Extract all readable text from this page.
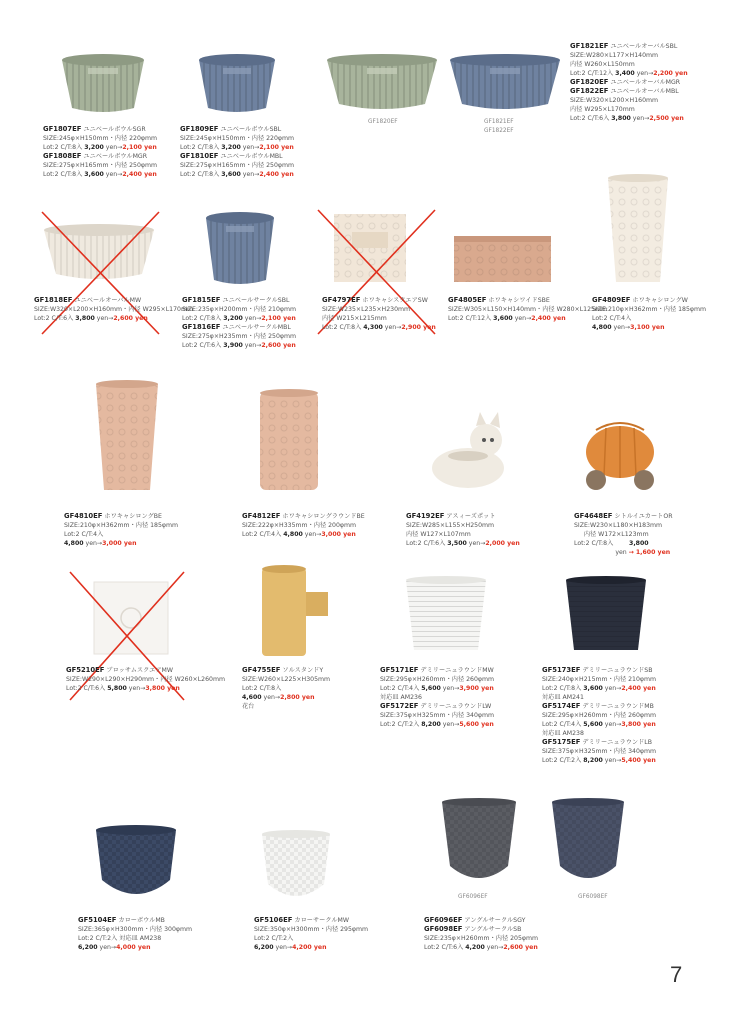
GF1820EF	GF1821EF
GF1822EF
GF1807EF ユニベールボウルSGR
SIZE:245φ×H150mm・内径 220φmm
Lot:2 C/T:8入 3,200 yen→2,100 yen
GF1808EF ユニベールボウルMGR
SIZE:275φ×H165mm・内径 250φmm
Lot:2 C/T:8入 3,600 yen→2,400 yen
GF1809EF ユニベールボウルSBL
SIZE:245φ×H150mm・内径 220φmm
Lot:2 C/T:8入 3,200 yen→2,100 yen
GF1810EF ユニベールボウルMBL
SIZE:275φ×H165mm・内径 250φmm
Lot:2 C/T:8入 3,600 yen→2,400 yen
GF1821EF ユニベールオーバルSBL
SIZE:W280×L177×H140mm
内径 W260×L150mm
Lot:2 C/T:12入 3,400 yen→2,200 yen
GF1820EF ユニベールオーバルMGR
GF1822EF ユニベールオーバルMBL
SIZE:W320×L200×H160mm
内径 W295×L170mm
Lot:2 C/T:6入 3,800 yen→2,500 yen
GF1818EF ユニベールオーバルMW
SIZE:W320×L200×H160mm・内径 W295×L170mm
Lot:2 C/T:6入 3,800 yen→2,600 yen
GF1815EF ユニベールサークルSBL
SIZE:235φ×H200mm・内径 210φmm
Lot:2 C/T:8入 3,200 yen→2,100 yen
GF1816EF ユニベールサークルMBL
SIZE:275φ×H235mm・内径 250φmm
Lot:2 C/T:6入 3,900 yen→2,600 yen
GF4797EF ホワキャシスクエアSW
SIZE:W235×L235×H230mm
内径 W215×L215mm
Lot:2 C/T:8入 4,300 yen→2,900 yen
GF4805EF ホワキャシワイドSBE
SIZE:W305×L150×H140mm・内径 W280×L125mm
Lot:2 C/T:12入 3,600 yen→2,400 yen
GF4809EF ホワキャシロングW
SIZE:210φ×H362mm・内径 185φmm
Lot:2 C/T:4入
4,800 yen→3,100 yen
GF4810EF ホワキャシロングBE
SIZE:210φ×H362mm・内径 185φmm
Lot:2 C/T:4入
4,800 yen→3,000 yen
GF4812EF ホワキャシロングラウンドBE
SIZE:222φ×H335mm・内径 200φmm
Lot:2 C/T:4入 4,800 yen→3,000 yen
GF4192EF アスィーズポット
SIZE:W285×L155×H250mm
内径 W127×L107mm
Lot:2 C/T:6入 3,500 yen→2,000 yen
GF4648EF シトルイユカートOR
SIZE:W230×L180×H183mm
内径 W172×L123mm
Lot:2 C/T:8入	3,800
yen → 1,600 yen
GF5210EF ブロッサムスクエアMW
SIZE:W290×L290×H290mm・内径 W260×L260mm
Lot:2 C/T:6入 5,800 yen→3,800 yen
GF4755EF ソルスタンドY
SIZE:W260×L225×H305mm
Lot:2 C/T:8入
4,600 yen→2,800 yen
花台
GF5171EF デミリーニュラウンドMW
SIZE:295φ×H260mm・内径 260φmm
Lot:2 C/T:4入 5,600 yen→3,900 yen
対応皿 AM236
GF5172EF デミリーニュラウンドLW
SIZE:375φ×H325mm・内径 340φmm
Lot:2 C/T:2入 8,200 yen→5,600 yen
GF5173EF デミリーニュラウンドSB
SIZE:240φ×H215mm・内径 210φmm
Lot:2 C/T:8入 3,600 yen→2,400 yen
対応皿 AM241
GF5174EF デミリーニュラウンドMB
SIZE:295φ×H260mm・内径 260φmm
Lot:2 C/T:4入 5,600 yen→3,800 yen
対応皿 AM238
GF5175EF デミリーニュラウンドLB
SIZE:375φ×H325mm・内径 340φmm
Lot:2 C/T:2入 8,200 yen→5,400 yen
GF6096EF	GF6098EF
GF5104EF カローボウルMB
SIZE:365φ×H300mm・内径 300φmm
Lot:2 C/T:2入 対応皿 AM238
6,200 yen→4,000 yen
GF5106EF カローサークルMW
SIZE:350φ×H300mm・内径 295φmm
Lot:2 C/T:2入
6,200 yen→4,200 yen
GF6096EF アングルサークルSGY
GF6098EF アングルサークルSB
SIZE:235φ×H260mm・内径 205φmm
Lot:2 C/T:6入 4,200 yen→2,600 yen
7
